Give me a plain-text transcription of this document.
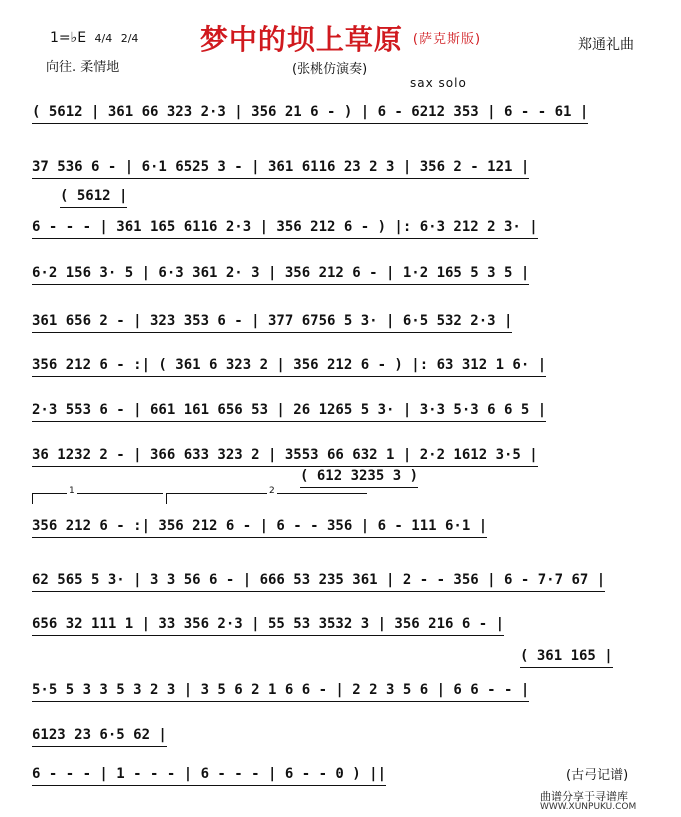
梦中的坝上草原 $^{(萨克斯版)}$
1=♭E 4/4 2/4
向往. 柔情地
郑通礼曲
(张桃仿演奏)
sax solo
( 5612 | 361 66 323 2·3 | 356 21 6 - ) | 6 - 6212 353 | 6 - - 61 |
37 536 6 - | 6·1 6525 3 - | 361 6116 23 2 3 | 356 2 - 121 |
( 5612 |
6 - - - | 361 165 6116 2·3 | 356 212 6 - ) |: 6·3 212 2 3· |
6·2 156 3· 5 | 6·3 361 2· 3 | 356 212 6 - | 1·2 165 5 3 5 |
361 656 2 - | 323 353 6 - | 377 6756 5 3· | 6·5 532 2·3 |
356 212 6 - :| ( 361 6 323 2 | 356 212 6 - ) |: 63 312 1 6· |
2·3 553 6 - | 661 161 656 53 | 26 1265 5 3· | 3·3 5·3 6 6 5 |
36 1232 2 - | 366 633 323 2 | 3553 66 632 1 | 2·2 1612 3·5 |
( 612 3235 3 )
356 212 6 - :| 356 212 6 - | 6 - - 356 | 6 - 111 6·1 |
62 565 5 3· | 3 3 56 6 - | 666 53 235 361 | 2 - - 356 | 6 - 7·7 67 |
656 32 111 1 | 33 356 2·3 | 55 53 3532 3 | 356 216 6 - |
( 361 165 |
5·5 5 3 3 5 3 2 3 | 3 5 6 2 1 6 6 - | 2 2 3 5 6 | 6 6 - - |
6123 23 6·5 62 |
6 - - - | 1 - - - | 6 - - - | 6 - - 0 ) ||
1	2
(古弓记谱)
曲谱分享于寻谱库
WWW.XUNPUKU.COM
